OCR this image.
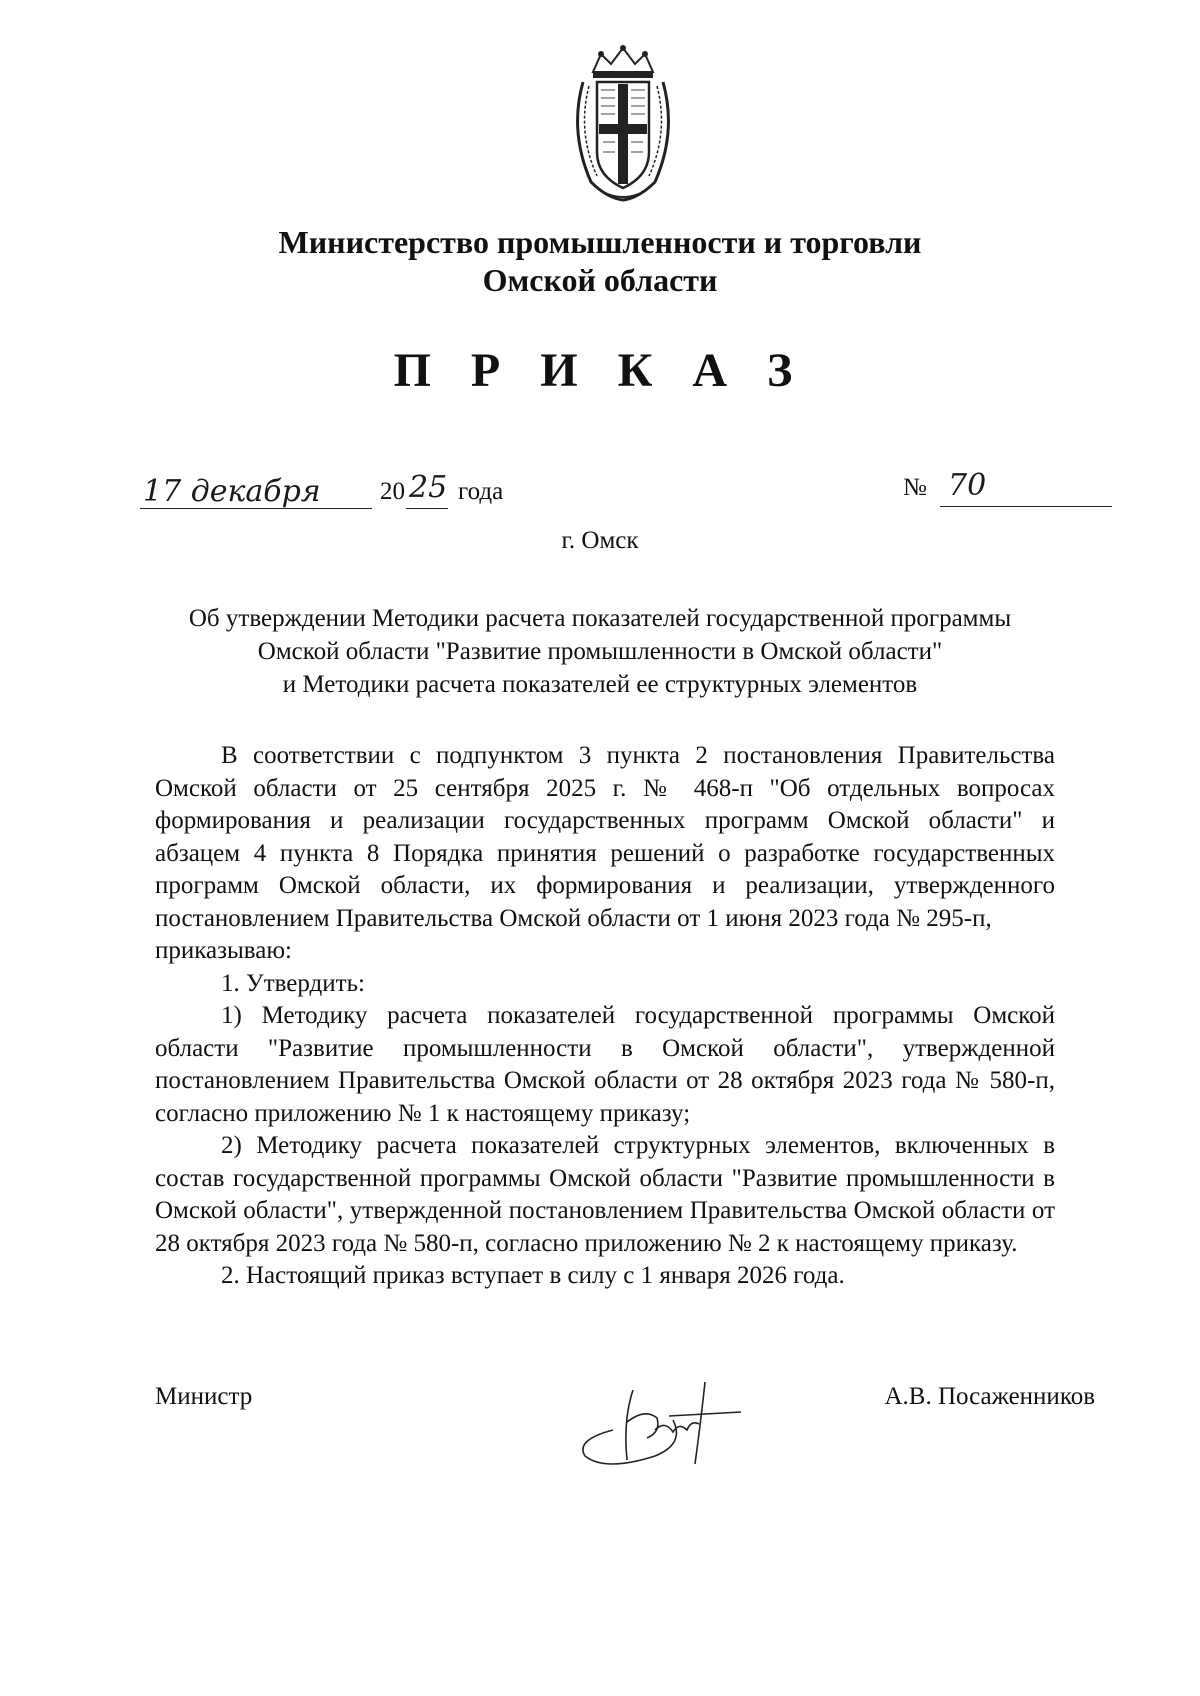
Министерство промышленности и торговли
Омской области
П Р И К А З
17 декабря 20 25 года	№ 70
г. Омск
Об утверждении Методики расчета показателей государственной программы
Омской области "Развитие промышленности в Омской области"
и Методики расчета показателей ее структурных элементов

В соответствии с подпунктом 3 пункта 2 постановления Правительства Омской области от 25 сентября 2025 г. № 468-п "Об отдельных вопросах формирования и реализации государственных программ Омской области" и абзацем 4 пункта 8 Порядка принятия решений о разработке государственных программ Омской области, их формирования и реализации, утвержденного постановлением Правительства Омской области от 1 июня 2023 года № 295-п,

приказываю:

1. Утвердить:

1) Методику расчета показателей государственной программы Омской области "Развитие промышленности в Омской области", утвержденной постановлением Правительства Омской области от 28 октября 2023 года № 580-п, согласно приложению № 1 к настоящему приказу;

2) Методику расчета показателей структурных элементов, включенных в состав государственной программы Омской области "Развитие промышленности в Омской области", утвержденной постановлением Правительства Омской области от 28 октября 2023 года № 580-п, согласно приложению № 2 к настоящему приказу.

2. Настоящий приказ вступает в силу с 1 января 2026 года.

Министр	А.В. Посаженников
